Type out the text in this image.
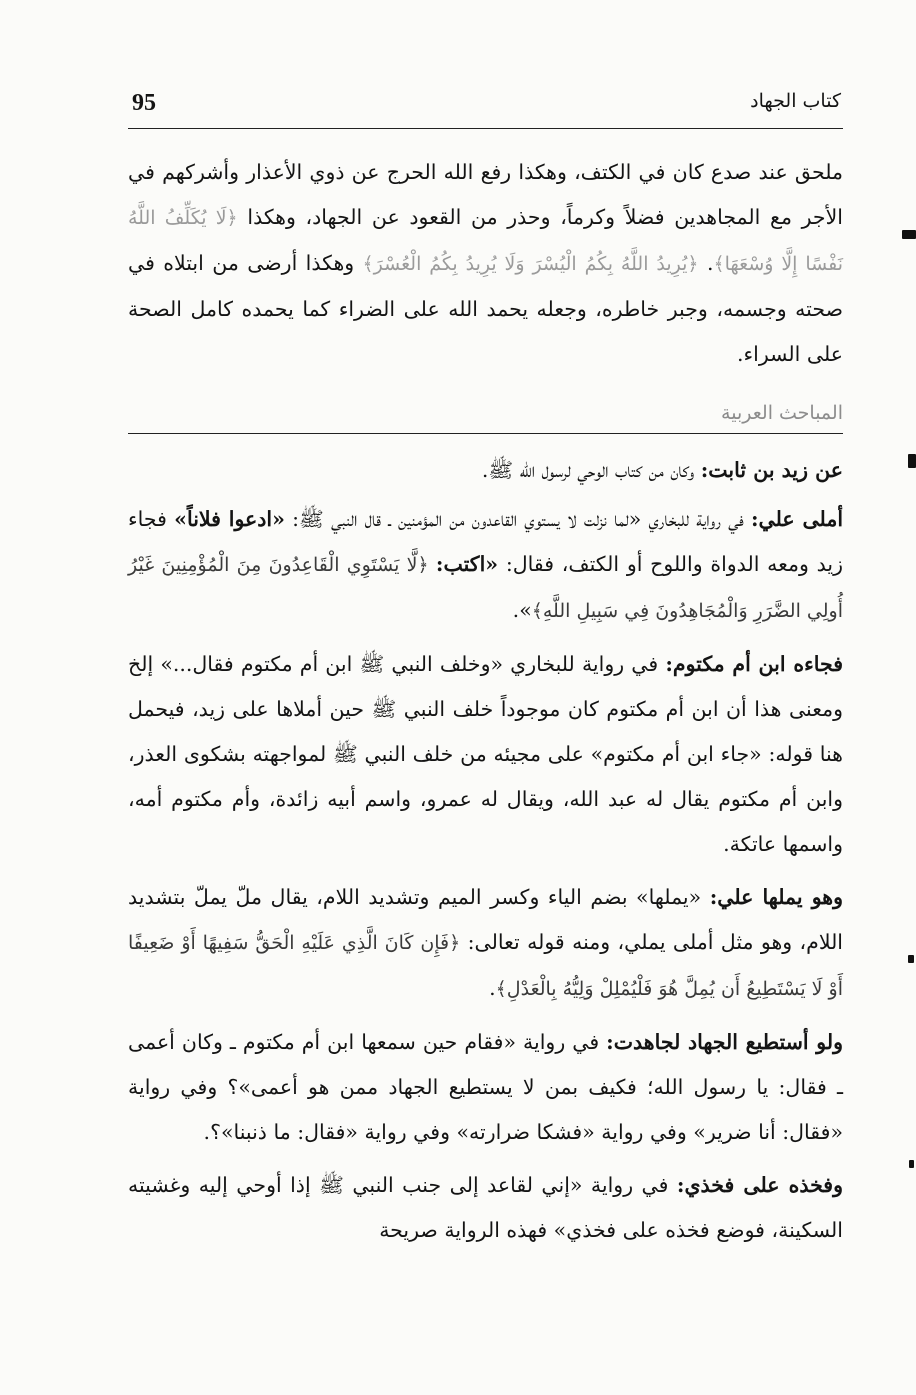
95	كتاب الجهاد

ملحق عند صدع كان في الكتف، وهكذا رفع الله الحرج عن ذوي الأعذار وأشركهم في الأجر مع المجاهدين فضلاً وكرماً، وحذر من القعود عن الجهاد، وهكذا ﴿لَا يُكَلِّفُ اللَّهُ نَفْسًا إِلَّا وُسْعَهَا﴾. ﴿يُرِيدُ اللَّهُ بِكُمُ الْيُسْرَ وَلَا يُرِيدُ بِكُمُ الْعُسْرَ﴾ وهكذا أرضى من ابتلاه في صحته وجسمه، وجبر خاطره، وجعله يحمد الله على الضراء كما يحمده كامل الصحة على السراء.

المباحث العربية

عن زيد بن ثابت: وكان من كتاب الوحي لرسول الله ﷺ.

أملى علي: في رواية للبخاري «لما نزلت لا يستوي القاعدون من المؤمنين ـ قال النبي ﷺ: «ادعوا فلاناً» فجاء زيد ومعه الدواة واللوح أو الكتف، فقال: «اكتب: ﴿لَّا يَسْتَوِي الْقَاعِدُونَ مِنَ الْمُؤْمِنِينَ غَيْرُ أُولِي الضَّرَرِ وَالْمُجَاهِدُونَ فِي سَبِيلِ اللَّهِ﴾».

فجاءه ابن أم مكتوم: في رواية للبخاري «وخلف النبي ﷺ ابن أم مكتوم فقال...» إلخ ومعنى هذا أن ابن أم مكتوم كان موجوداً خلف النبي ﷺ حين أملاها على زيد، فيحمل هنا قوله: «جاء ابن أم مكتوم» على مجيئه من خلف النبي ﷺ لمواجهته بشكوى العذر، وابن أم مكتوم يقال له عبد الله، ويقال له عمرو، واسم أبيه زائدة، وأم مكتوم أمه، واسمها عاتكة.

وهو يملها علي: «يملها» بضم الياء وكسر الميم وتشديد اللام، يقال ملّ يملّ بتشديد اللام، وهو مثل أملى يملي، ومنه قوله تعالى: ﴿فَإِن كَانَ الَّذِي عَلَيْهِ الْحَقُّ سَفِيهًا أَوْ ضَعِيفًا أَوْ لَا يَسْتَطِيعُ أَن يُمِلَّ هُوَ فَلْيُمْلِلْ وَلِيُّهُ بِالْعَدْلِ﴾.

ولو أستطيع الجهاد لجاهدت: في رواية «فقام حين سمعها ابن أم مكتوم ـ وكان أعمى ـ فقال: يا رسول الله؛ فكيف بمن لا يستطيع الجهاد ممن هو أعمى»؟ وفي رواية «فقال: أنا ضرير» وفي رواية «فشكا ضرارته» وفي رواية «فقال: ما ذنبنا»؟.

وفخذه على فخذي: في رواية «إني لقاعد إلى جنب النبي ﷺ إذا أوحي إليه وغشيته السكينة، فوضع فخذه على فخذي» فهذه الرواية صريحة
